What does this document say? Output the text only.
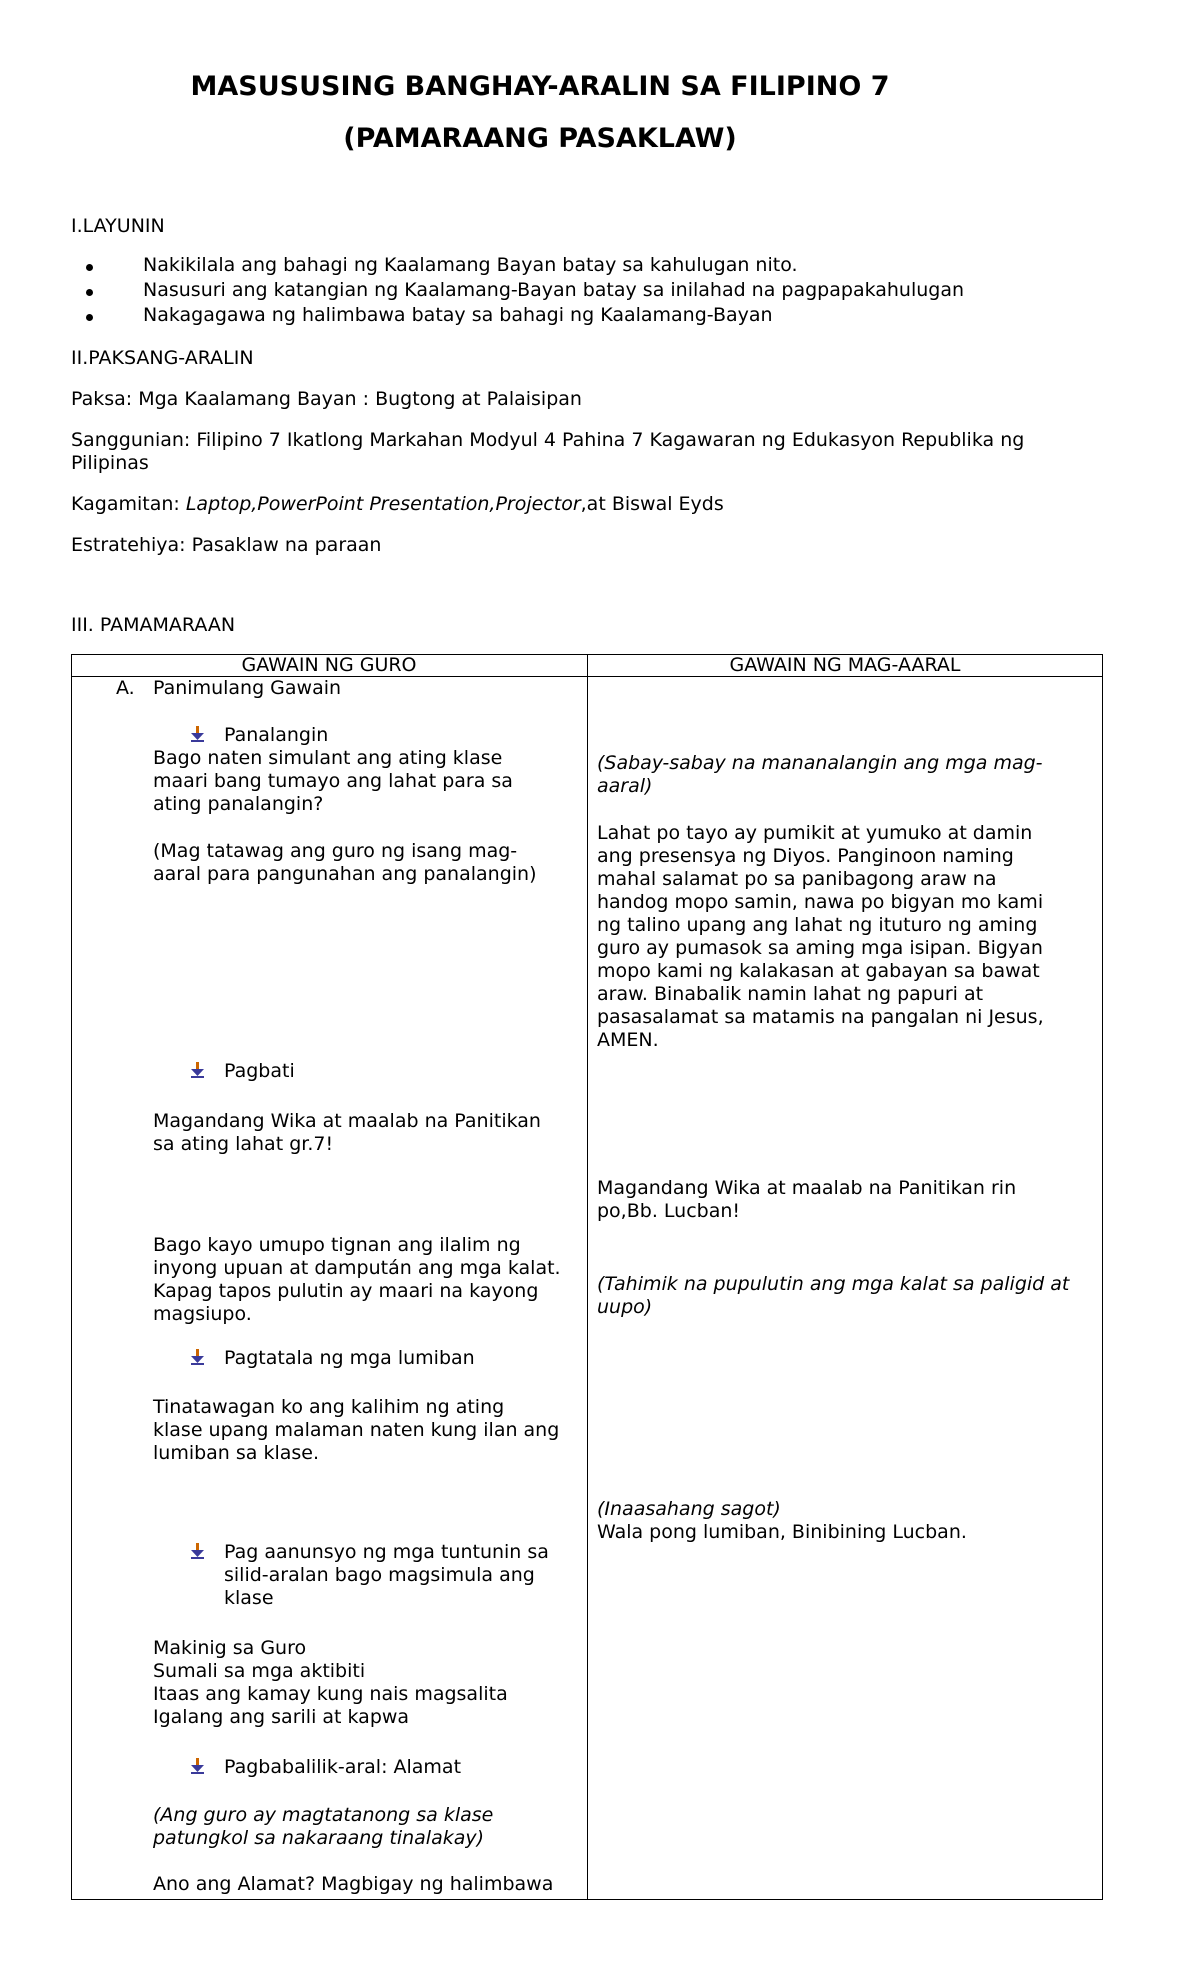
MASUSUSING BANGHAY-ARALIN SA FILIPINO 7
(PAMARAANG PASAKLAW)
I.LAYUNIN
Nakikilala ang bahagi ng Kaalamang Bayan batay sa kahulugan nito.
Nasusuri ang katangian ng Kaalamang-Bayan batay sa inilahad na pagpapakahulugan
Nakagagawa ng halimbawa batay sa bahagi ng Kaalamang-Bayan
II.PAKSANG-ARALIN
Paksa: Mga Kaalamang Bayan : Bugtong at Palaisipan
Sanggunian: Filipino 7 Ikatlong Markahan Modyul 4 Pahina 7 Kagawaran ng Edukasyon Republika ng
Pilipinas
Kagamitan: Laptop,PowerPoint Presentation,Projector,at Biswal Eyds
Estratehiya: Pasaklaw na paraan
III. PAMAMARAAN
GAWAIN NG GURO	GAWAIN NG MAG-AARAL
A. Panimulang Gawain
Panalangin
Bago naten simulant ang ating klase
maari bang tumayo ang lahat para sa
ating panalangin?
(Mag tatawag ang guro ng isang mag-
aaral para pangunahan ang panalangin)
(Sabay-sabay na mananalangin ang mga mag-
aaral)
Lahat po tayo ay pumikit at yumuko at damin
ang presensya ng Diyos. Panginoon naming
mahal salamat po sa panibagong araw na
handog mopo samin, nawa po bigyan mo kami
ng talino upang ang lahat ng ituturo ng aming
guro ay pumasok sa aming mga isipan. Bigyan
mopo kami ng kalakasan at gabayan sa bawat
araw. Binabalik namin lahat ng papuri at
pasasalamat sa matamis na pangalan ni Jesus,
AMEN.
Pagbati
Magandang Wika at maalab na Panitikan
sa ating lahat gr.7!
Magandang Wika at maalab na Panitikan rin
po,Bb. Lucban!
Bago kayo umupo tignan ang ilalim ng
inyong upuan at dampután ang mga kalat.
Kapag tapos pulutin ay maari na kayong
magsiupo.
(Tahimik na pupulutin ang mga kalat sa paligid at
uupo)
Pagtatala ng mga lumiban
Tinatawagan ko ang kalihim ng ating
klase upang malaman naten kung ilan ang
lumiban sa klase.
(Inaasahang sagot)
Wala pong lumiban, Binibining Lucban.
Pag aanunsyo ng mga tuntunin sa
silid-aralan bago magsimula ang
klase
Makinig sa Guro
Sumali sa mga aktibiti
Itaas ang kamay kung nais magsalita
Igalang ang sarili at kapwa
Pagbabalilik-aral: Alamat
(Ang guro ay magtatanong sa klase
patungkol sa nakaraang tinalakay)
Ano ang Alamat? Magbigay ng halimbawa
